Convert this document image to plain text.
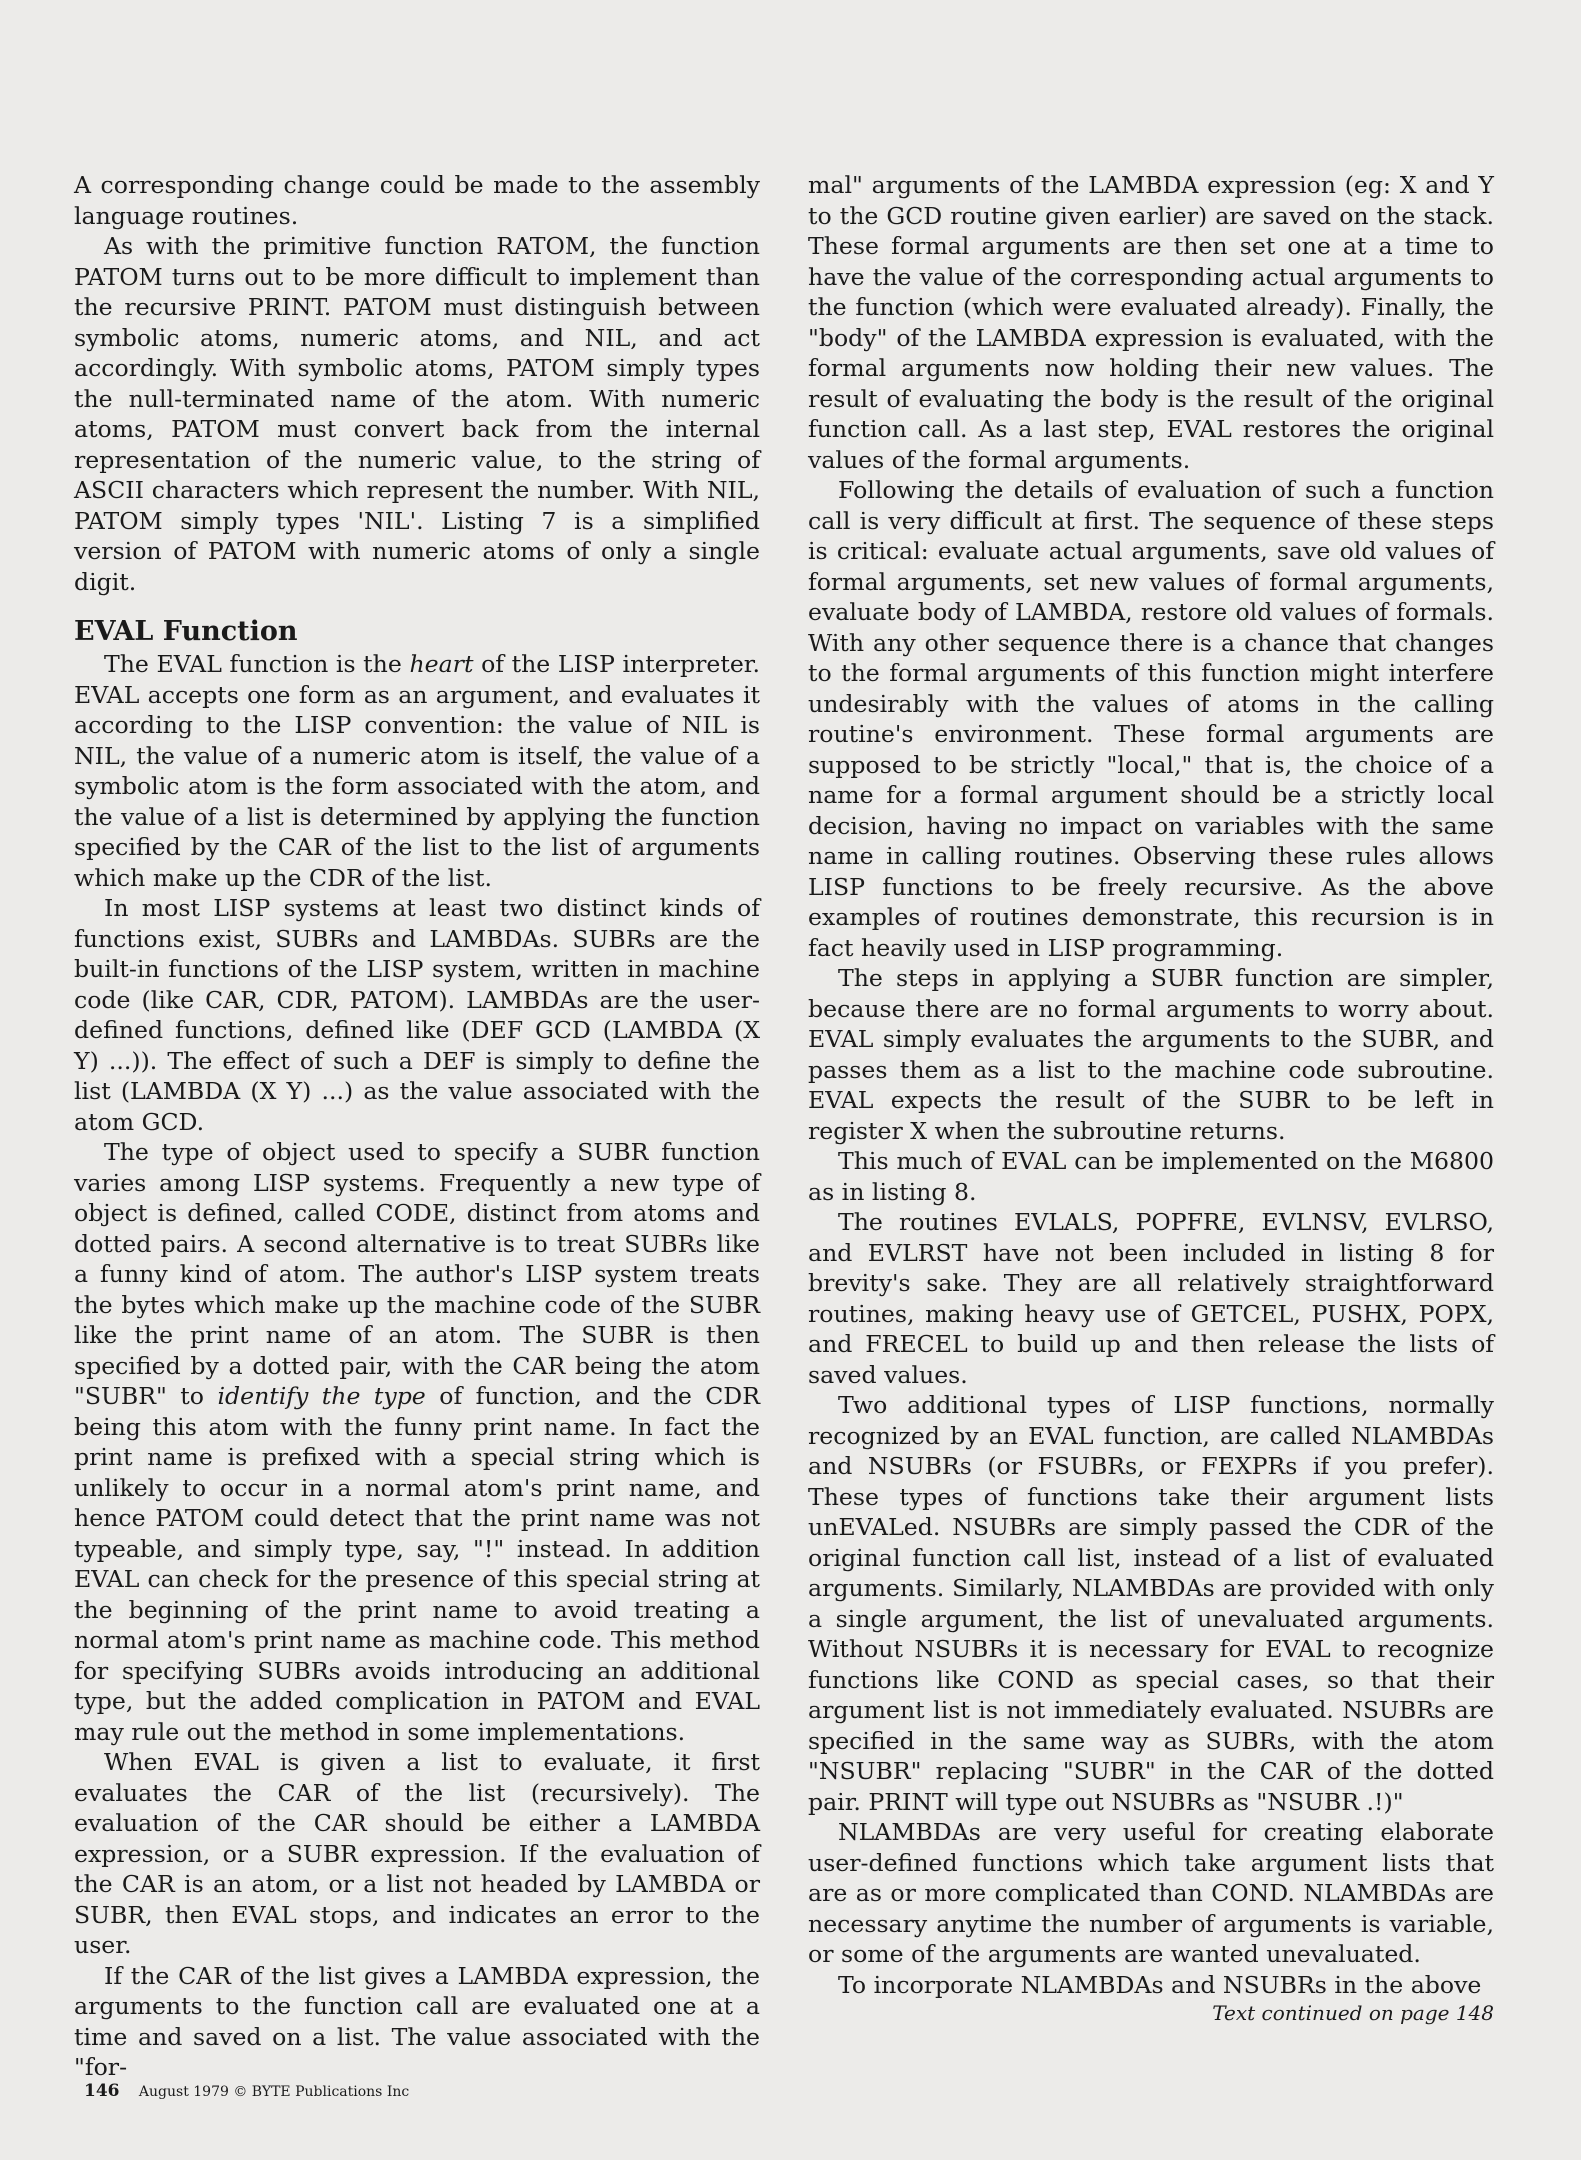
A corresponding change could be made to the assembly language routines.

As with the primitive function RATOM, the function PATOM turns out to be more difficult to implement than the recursive PRINT. PATOM must distinguish between symbolic atoms, numeric atoms, and NIL, and act accordingly. With symbolic atoms, PATOM simply types the null-terminated name of the atom. With numeric atoms, PATOM must convert back from the internal representation of the numeric value, to the string of ASCII characters which represent the number. With NIL, PATOM simply types 'NIL'. Listing 7 is a simplified version of PATOM with numeric atoms of only a single digit.

EVAL Function

The EVAL function is the heart of the LISP interpreter. EVAL accepts one form as an argument, and evaluates it according to the LISP convention: the value of NIL is NIL, the value of a numeric atom is itself, the value of a symbolic atom is the form associated with the atom, and the value of a list is determined by applying the function specified by the CAR of the list to the list of arguments which make up the CDR of the list.

In most LISP systems at least two distinct kinds of functions exist, SUBRs and LAMBDAs. SUBRs are the built-in functions of the LISP system, written in machine code (like CAR, CDR, PATOM). LAMBDAs are the user-defined functions, defined like (DEF GCD (LAMBDA (X Y) ...)). The effect of such a DEF is simply to define the list (LAMBDA (X Y) ...) as the value associated with the atom GCD.

The type of object used to specify a SUBR function varies among LISP systems. Frequently a new type of object is defined, called CODE, distinct from atoms and dotted pairs. A second alternative is to treat SUBRs like a funny kind of atom. The author's LISP system treats the bytes which make up the machine code of the SUBR like the print name of an atom. The SUBR is then specified by a dotted pair, with the CAR being the atom "SUBR" to identify the type of function, and the CDR being this atom with the funny print name. In fact the print name is prefixed with a special string which is unlikely to occur in a normal atom's print name, and hence PATOM could detect that the print name was not typeable, and simply type, say, "!" instead. In addition EVAL can check for the presence of this special string at the beginning of the print name to avoid treating a normal atom's print name as machine code. This method for specifying SUBRs avoids introducing an additional type, but the added complication in PATOM and EVAL may rule out the method in some implementations.

When EVAL is given a list to evaluate, it first evaluates the CAR of the list (recursively). The evaluation of the CAR should be either a LAMBDA expression, or a SUBR expression. If the evaluation of the CAR is an atom, or a list not headed by LAMBDA or SUBR, then EVAL stops, and indicates an error to the user.

If the CAR of the list gives a LAMBDA expression, the arguments to the function call are evaluated one at a time and saved on a list. The value associated with the "for-

mal" arguments of the LAMBDA expression (eg: X and Y to the GCD routine given earlier) are saved on the stack. These formal arguments are then set one at a time to have the value of the corresponding actual arguments to the function (which were evaluated already). Finally, the "body" of the LAMBDA expression is evaluated, with the formal arguments now holding their new values. The result of evaluating the body is the result of the original function call. As a last step, EVAL restores the original values of the formal arguments.

Following the details of evaluation of such a function call is very difficult at first. The sequence of these steps is critical: evaluate actual arguments, save old values of formal arguments, set new values of formal arguments, evaluate body of LAMBDA, restore old values of formals. With any other sequence there is a chance that changes to the formal arguments of this function might interfere undesirably with the values of atoms in the calling routine's environment. These formal arguments are supposed to be strictly "local," that is, the choice of a name for a formal argument should be a strictly local decision, having no impact on variables with the same name in calling routines. Observing these rules allows LISP functions to be freely recursive. As the above examples of routines demonstrate, this recursion is in fact heavily used in LISP programming.

The steps in applying a SUBR function are simpler, because there are no formal arguments to worry about. EVAL simply evaluates the arguments to the SUBR, and passes them as a list to the machine code subroutine. EVAL expects the result of the SUBR to be left in register X when the subroutine returns.

This much of EVAL can be implemented on the M6800 as in listing 8.

The routines EVLALS, POPFRE, EVLNSV, EVLRSO, and EVLRST have not been included in listing 8 for brevity's sake. They are all relatively straightforward routines, making heavy use of GETCEL, PUSHX, POPX, and FRECEL to build up and then release the lists of saved values.

Two additional types of LISP functions, normally recognized by an EVAL function, are called NLAMBDAs and NSUBRs (or FSUBRs, or FEXPRs if you prefer). These types of functions take their argument lists unEVALed. NSUBRs are simply passed the CDR of the original function call list, instead of a list of evaluated arguments. Similarly, NLAMBDAs are provided with only a single argument, the list of unevaluated arguments. Without NSUBRs it is necessary for EVAL to recognize functions like COND as special cases, so that their argument list is not immediately evaluated. NSUBRs are specified in the same way as SUBRs, with the atom "NSUBR" replacing "SUBR" in the CAR of the dotted pair. PRINT will type out NSUBRs as "NSUBR .!)"

NLAMBDAs are very useful for creating elaborate user-defined functions which take argument lists that are as or more complicated than COND. NLAMBDAs are necessary anytime the number of arguments is variable, or some of the arguments are wanted unevaluated.

To incorporate NLAMBDAs and NSUBRs in the above

Text continued on page 148
146 August 1979 © BYTE Publications Inc
